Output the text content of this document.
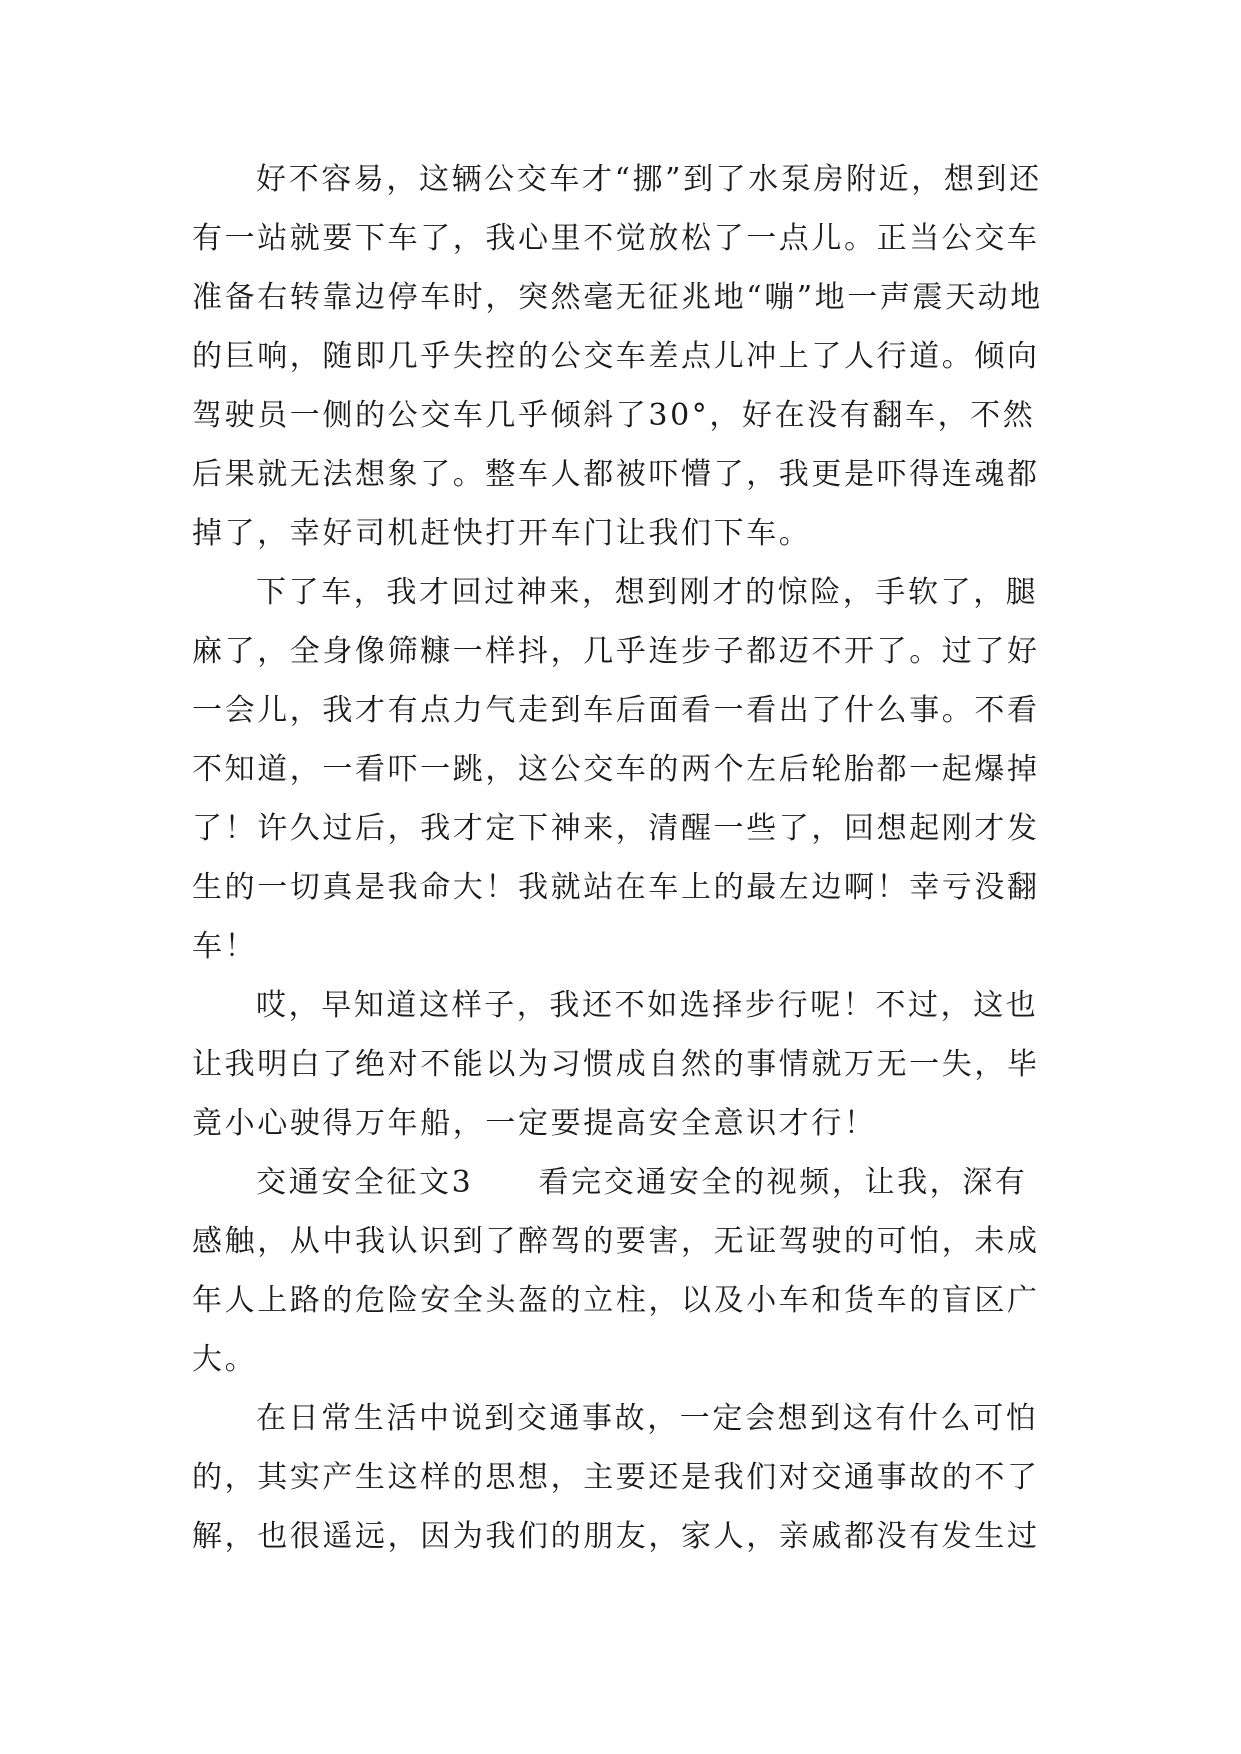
好不容易，这辆公交车才“挪”到了水泵房附近，想到还有一站就要下车了，我心里不觉放松了一点儿。正当公交车准备右转靠边停车时，突然毫无征兆地“嘣”地一声震天动地的巨响，随即几乎失控的公交车差点儿冲上了人行道。倾向驾驶员一侧的公交车几乎倾斜了30°，好在没有翻车，不然后果就无法想象了。整车人都被吓懵了，我更是吓得连魂都掉了，幸好司机赶快打开车门让我们下车。

下了车，我才回过神来，想到刚才的惊险，手软了，腿麻了，全身像筛糠一样抖，几乎连步子都迈不开了。过了好一会儿，我才有点力气走到车后面看一看出了什么事。不看不知道，一看吓一跳，这公交车的两个左后轮胎都一起爆掉了！许久过后，我才定下神来，清醒一些了，回想起刚才发生的一切真是我命大！我就站在车上的最左边啊！幸亏没翻车！

哎，早知道这样子，我还不如选择步行呢！不过，这也让我明白了绝对不能以为习惯成自然的事情就万无一失，毕竟小心驶得万年船，一定要提高安全意识才行！

交通安全征文3　　看完交通安全的视频，让我，深有感触，从中我认识到了醉驾的要害，无证驾驶的可怕，未成年人上路的危险安全头盔的立柱，以及小车和货车的盲区广大。

在日常生活中说到交通事故，一定会想到这有什么可怕的，其实产生这样的思想，主要还是我们对交通事故的不了解，也很遥远，因为我们的朋友，家人，亲戚都没有发生过
